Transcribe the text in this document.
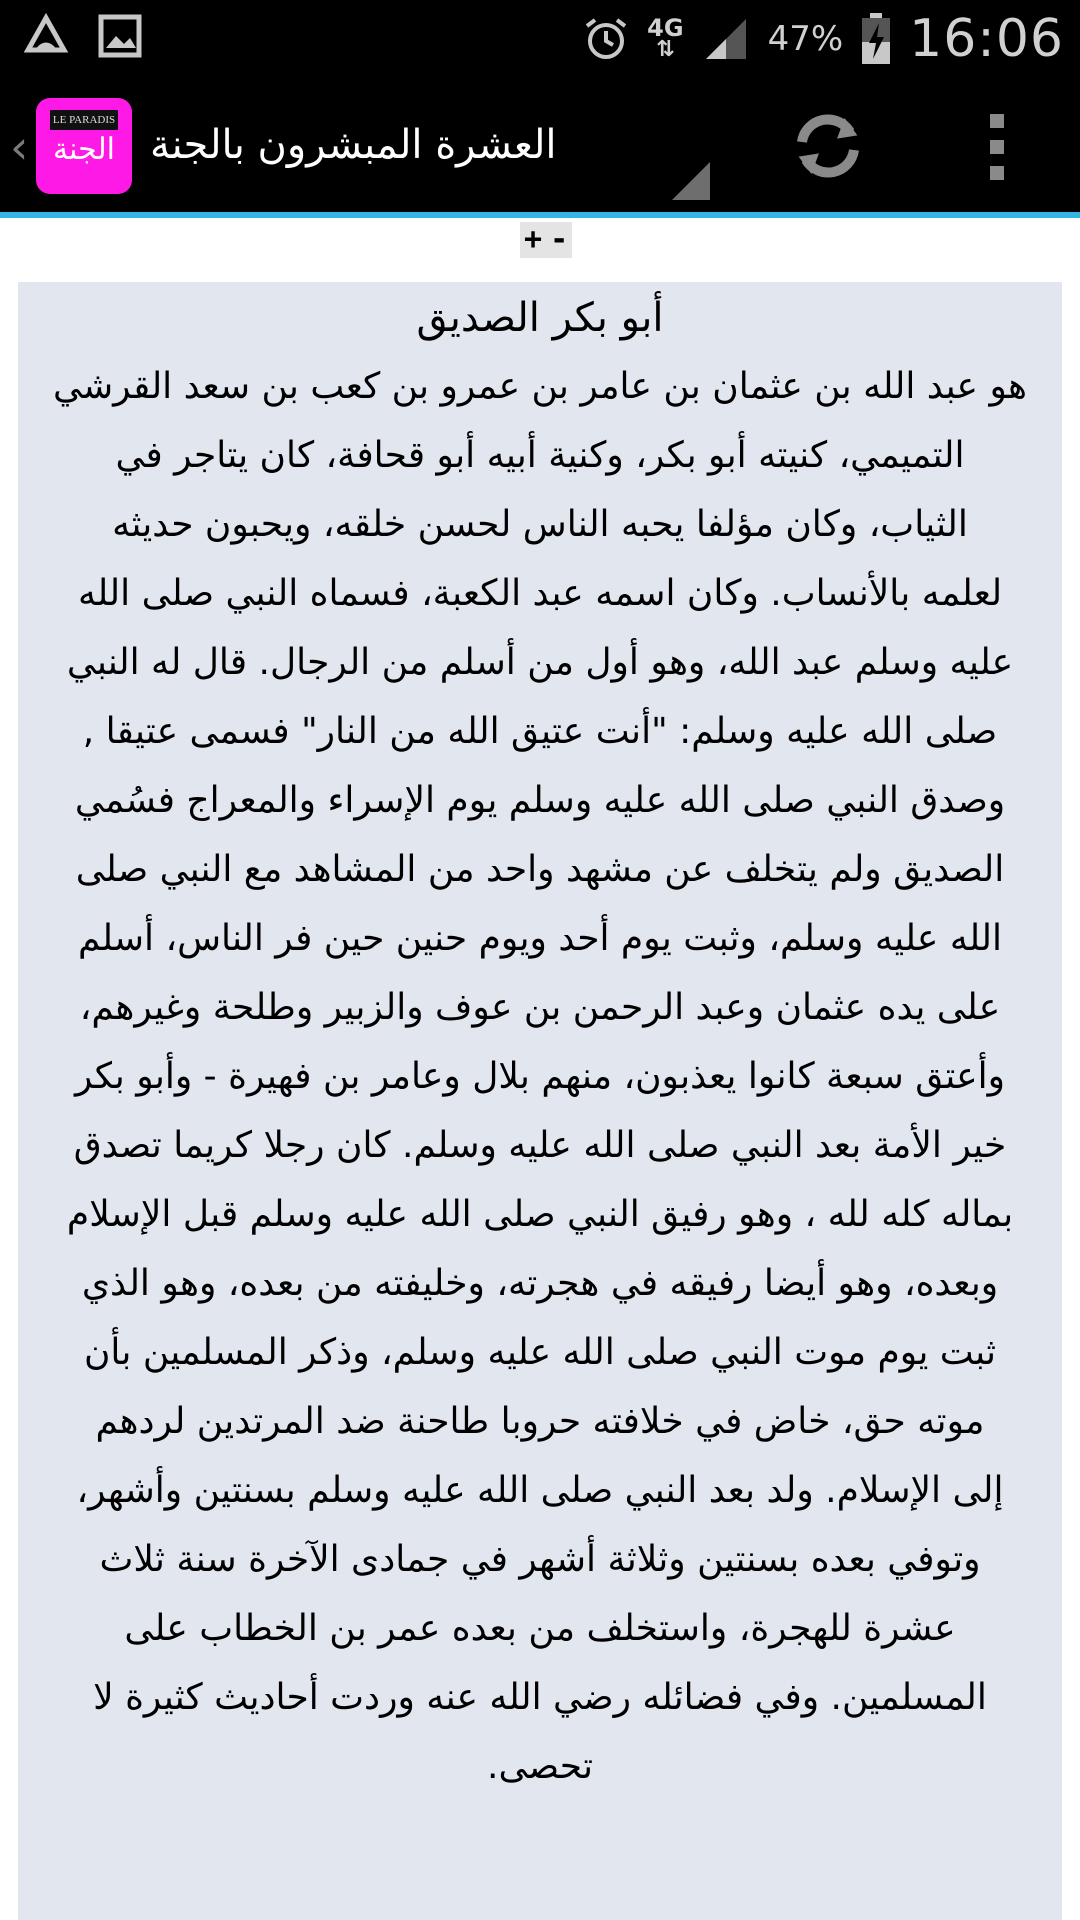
4G
⇅	47% 16:06
‹ LE PARADIS
الجنة العشرة المبشرون بالجنة
+ -
أبو بكر الصديق
هو عبد الله بن عثمان بن عامر بن عمرو بن كعب بن سعد القرشي
التميمي، كنيته أبو بكر، وكنية أبيه أبو قحافة، كان يتاجر في
الثياب، وكان مؤلفا يحبه الناس لحسن خلقه، ويحبون حديثه
لعلمه بالأنساب. وكان اسمه عبد الكعبة، فسماه النبي صلى الله
عليه وسلم عبد الله، وهو أول من أسلم من الرجال. قال له النبي
صلى الله عليه وسلم: "أنت عتيق الله من النار" فسمى عتيقا ,
وصدق النبي صلى الله عليه وسلم يوم الإسراء والمعراج فسُمي
الصديق ولم يتخلف عن مشهد واحد من المشاهد مع النبي صلى
الله عليه وسلم، وثبت يوم أحد ويوم حنين حين فر الناس، أسلم
على يده عثمان وعبد الرحمن بن عوف والزبير وطلحة وغيرهم،
وأعتق سبعة كانوا يعذبون، منهم بلال وعامر بن فهيرة - وأبو بكر
خير الأمة بعد النبي صلى الله عليه وسلم. كان رجلا كريما تصدق
بماله كله لله ، وهو رفيق النبي صلى الله عليه وسلم قبل الإسلام
وبعده، وهو أيضا رفيقه في هجرته، وخليفته من بعده، وهو الذي
ثبت يوم موت النبي صلى الله عليه وسلم، وذكر المسلمين بأن
موته حق، خاض في خلافته حروبا طاحنة ضد المرتدين لردهم
إلى الإسلام. ولد بعد النبي صلى الله عليه وسلم بسنتين وأشهر،
وتوفي بعده بسنتين وثلاثة أشهر في جمادى الآخرة سنة ثلاث
عشرة للهجرة، واستخلف من بعده عمر بن الخطاب على
المسلمين. وفي فضائله رضي الله عنه وردت أحاديث كثيرة لا
تحصى.
